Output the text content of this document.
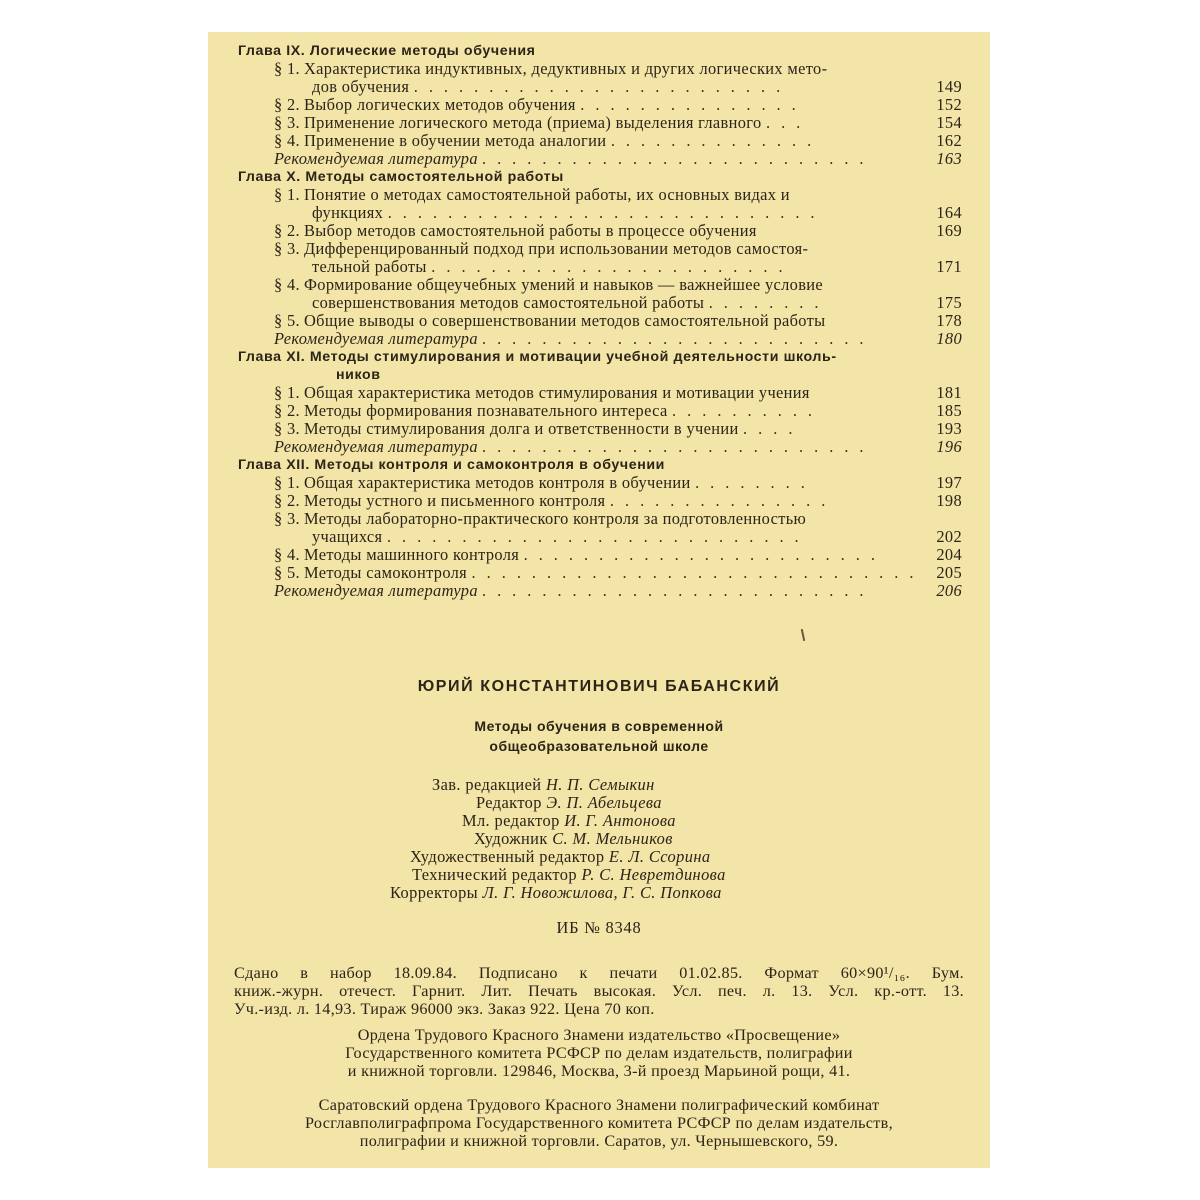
Глава IX. Логические методы обучения
§ 1. Характеристика индуктивных, дедуктивных и других логических мето-
дов обучения .........................	149
§ 2. Выбор логических методов обучения ...............	152
§ 3. Применение логического метода (приема) выделения главного ...	154
§ 4. Применение в обучении метода аналогии ..............	162
Рекомендуемая литература ..........................	163
Глава X. Методы самостоятельной работы
§ 1. Понятие о методах самостоятельной работы, их основных видах и
функциях .............................	164
§ 2. Выбор методов самостоятельной работы в процессе обучения	169
§ 3. Дифференцированный подход при использовании методов самостоя-
тельной работы ........................	171
§ 4. Формирование общеучебных умений и навыков — важнейшее условие
совершенствования методов самостоятельной работы ........	175
§ 5. Общие выводы о совершенствовании методов самостоятельной работы	178
Рекомендуемая литература ..........................	180
Глава XI. Методы стимулирования и мотивации учебной деятельности школь-
ников
§ 1. Общая характеристика методов стимулирования и мотивации учения	181
§ 2. Методы формирования познавательного интереса ..........	185
§ 3. Методы стимулирования долга и ответственности в учении ....	193
Рекомендуемая литература ..........................	196
Глава XII. Методы контроля и самоконтроля в обучении
§ 1. Общая характеристика методов контроля в обучении ........	197
§ 2. Методы устного и письменного контроля ...............	198
§ 3. Методы лабораторно-практического контроля за подготовленностью
учащихся ............................	202
§ 4. Методы машинного контроля ........................	204
§ 5. Методы самоконтроля .............................. 205
Рекомендуемая литература ..........................	206
ЮРИЙ КОНСТАНТИНОВИЧ БАБАНСКИЙ
Методы обучения в современной
общеобразовательной школе
Зав. редакцией Н. П. Семыкин
Редактор Э. П. Абельцева
Мл. редактор И. Г. Антонова
Художник С. М. Мельников
Художественный редактор Е. Л. Ссорина
Технический редактор Р. С. Невретдинова
Корректоры Л. Г. Новожилова, Г. С. Попкова
ИБ № 8348
Сдано в набор 18.09.84. Подписано к печати 01.02.85. Формат 60×90¹/₁₆. Бум.
книж.-журн. отечест. Гарнит. Лит. Печать высокая. Усл. печ. л. 13. Усл. кр.-отт. 13.
Уч.-изд. л. 14,93. Тираж 96000 экз. Заказ 922. Цена 70 коп.
Ордена Трудового Красного Знамени издательство «Просвещение»
Государственного комитета РСФСР по делам издательств, полиграфии
и книжной торговли. 129846, Москва, 3-й проезд Марьиной рощи, 41.
Саратовский ордена Трудового Красного Знамени полиграфический комбинат
Росглавполиграфпрома Государственного комитета РСФСР по делам издательств,
полиграфии и книжной торговли. Саратов, ул. Чернышевского, 59.
